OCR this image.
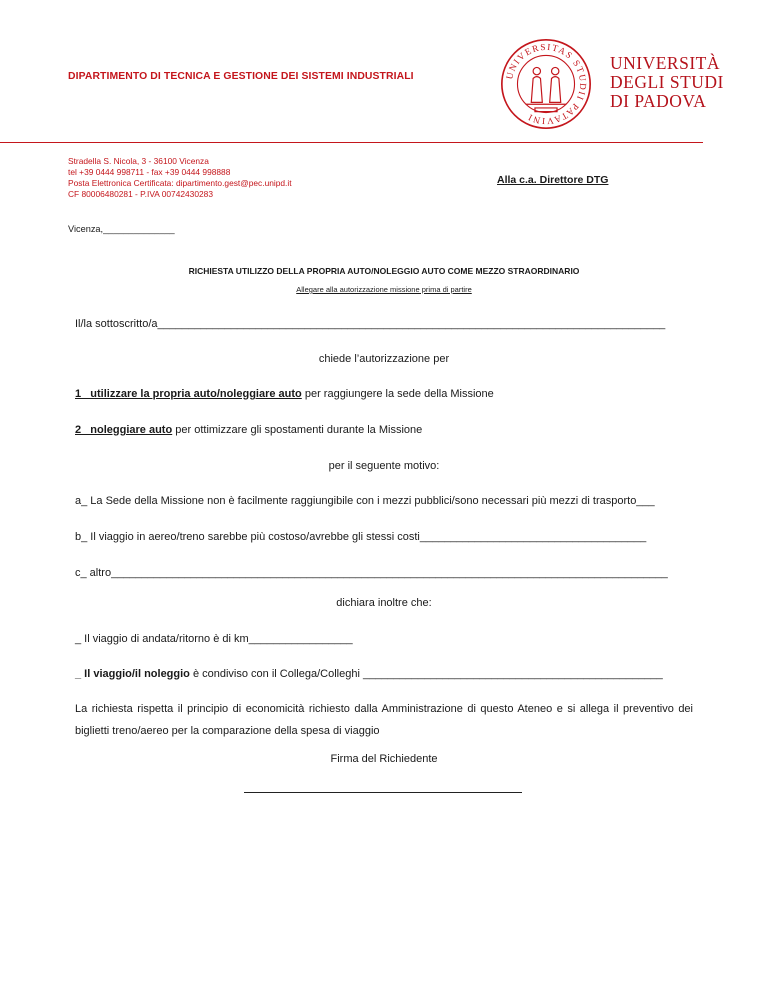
DIPARTIMENTO DI TECNICA E GESTIONE DEI SISTEMI INDUSTRIALI	UNIVERSITAS STUDII PATAVINI
UNIVERSITÀ
DEGLI STUDI
DI PADOVA
Stradella S. Nicola, 3 - 36100 Vicenza
tel +39 0444 998711 - fax +39 0444 998888
Posta Elettronica Certificata: dipartimento.gest@pec.unipd.it
CF 80006480281 - P.IVA 00742430283
Alla c.a. Direttore DTG
Vicenza,______________
RICHIESTA UTILIZZO DELLA PROPRIA AUTO/NOLEGGIO AUTO COME MEZZO STRAORDINARIO
Allegare alla autorizzazione missione prima di partire
Il/la sottoscritto/a___________________________________________________________________________________
chiede l’autorizzazione per
1_ utilizzare la propria auto/noleggiare auto per raggiungere la sede della Missione
2_ noleggiare auto per ottimizzare gli spostamenti durante la Missione
per il seguente motivo:
a_ La Sede della Missione non è facilmente raggiungibile con i mezzi pubblici/sono necessari più mezzi di trasporto___
b_ Il viaggio in aereo/treno sarebbe più costoso/avrebbe gli stessi costi_____________________________________
c_ altro___________________________________________________________________________________________
dichiara inoltre che:
_ Il viaggio di andata/ritorno è di km_________________
_ Il viaggio/il noleggio è condiviso con il Collega/Colleghi _________________________________________________
La richiesta rispetta il principio di economicità richiesto dalla Amministrazione di questo Ateneo e si allega il preventivo dei biglietti treno/aereo per la comparazione della spesa di viaggio
Firma del Richiedente
